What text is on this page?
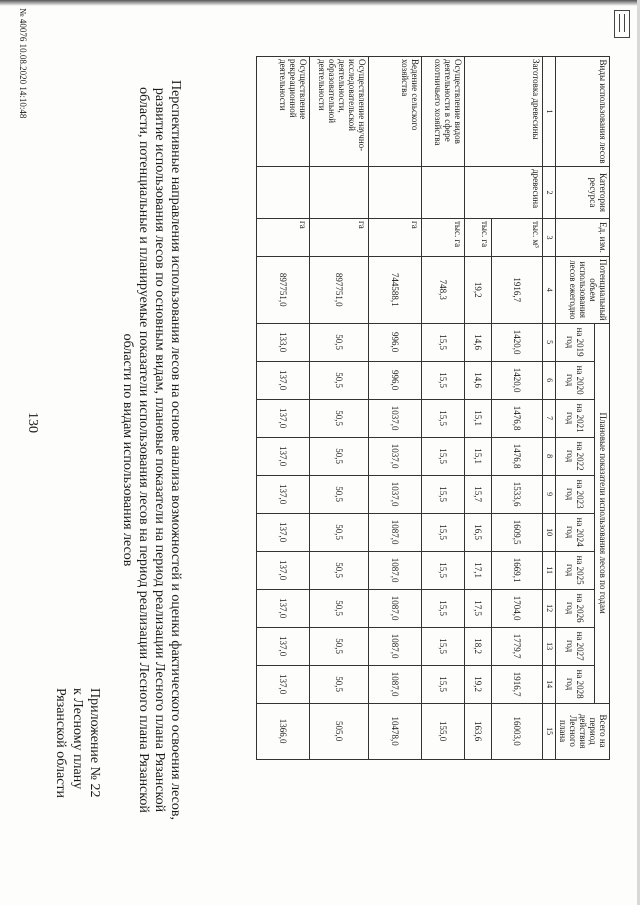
130
Приложение № 22
к Лесному плану
Рязанской области	Перспективные направления использования лесов на основе анализа возможностей и оценки фактического освоения лесов, развитие использования лесов по основным видам, плановые показатели на период реализации Лесного плана Рязанской области, потенциальные и планируемые показатели использования лесов на период реализации Лесного плана Рязанской области по видам использования лесов
Виды использования лесов	Категория ресурса	Ед. изм.	Потенциальный объем использования лесов ежегодно	Плановые показатели использования лесов по годам										Всего на период действия Лесного плана
				на 2019 год	на 2020 год	на 2021 год	на 2022 год	на 2023 год	на 2024 год	на 2025 год	на 2026 год	на 2027 год	на 2028 год	
1	2	3	4	5	6	7	8	9	10	11	12	13	14	15
Заготовка древесины	древесина	тыс. м³	1916,7	1420,0	1420,0	1476,8	1476,8	1533,6	1609,5	1669,1	1704,0	1779,7	1916,7	16003,0
		тыс. га	19,2	14,6	14,6	15,1	15,1	15,7	16,5	17,1	17,5	18,2	19,2	163,6
Осуществление видов деятельности в сфере охотничьего хозяйства		тыс. га	748,3	15,5	15,5	15,5	15,5	15,5	15,5	15,5	15,5	15,5	15,5	155,0
Ведение сельского хозяйства		га	744588,1	996,0	996,0	1037,0	1037,0	1037,0	1087,0	1087,0	1087,0	1087,0	1087,0	10478,0
Осуществление научно-исследовательской деятельности, образовательной деятельности		га	897751,0	50,5	50,5	50,5	50,5	50,5	50,5	50,5	50,5	50,5	50,5	505,0
Осуществление рекреационной деятельности		га	897751,0	133,0	137,0	137,0	137,0	137,0	137,0	137,0	137,0	137,0	137,0	1366,0
№ 40076 10.08.2020 14:10:48
